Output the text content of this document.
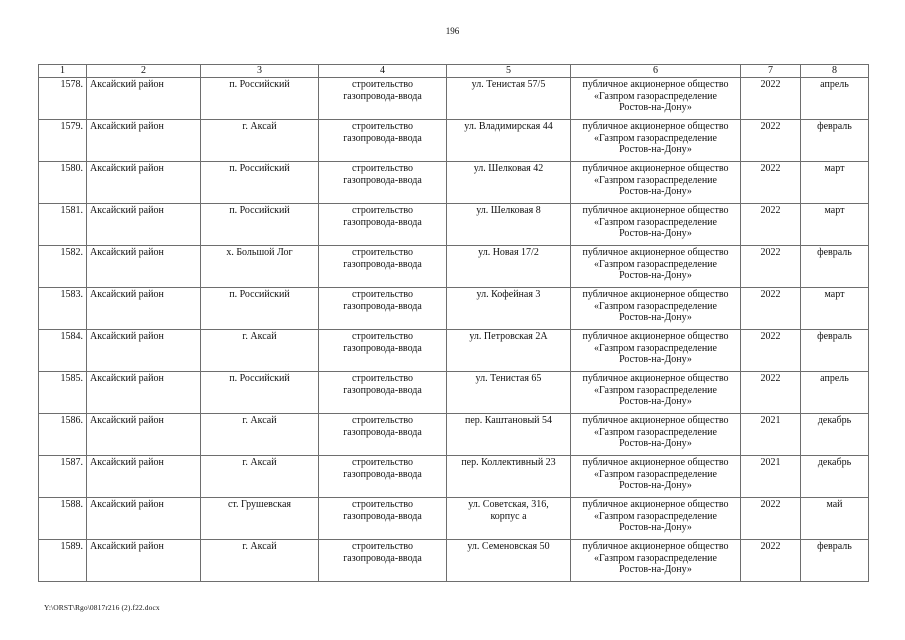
196
1	2	3	4	5	6	7	8
1578.	Аксайский район	п. Российский	строительство
газопровода-ввода	ул. Тенистая 57/5	публичное акционерное общество
«Газпром газораспределение
Ростов-на-Дону»	2022	апрель
1579.	Аксайский район	г. Аксай	строительство
газопровода-ввода	ул. Владимирская 44	публичное акционерное общество
«Газпром газораспределение
Ростов-на-Дону»	2022	февраль
1580.	Аксайский район	п. Российский	строительство
газопровода-ввода	ул. Шелковая 42	публичное акционерное общество
«Газпром газораспределение
Ростов-на-Дону»	2022	март
1581.	Аксайский район	п. Российский	строительство
газопровода-ввода	ул. Шелковая 8	публичное акционерное общество
«Газпром газораспределение
Ростов-на-Дону»	2022	март
1582.	Аксайский район	х. Большой Лог	строительство
газопровода-ввода	ул. Новая 17/2	публичное акционерное общество
«Газпром газораспределение
Ростов-на-Дону»	2022	февраль
1583.	Аксайский район	п. Российский	строительство
газопровода-ввода	ул. Кофейная 3	публичное акционерное общество
«Газпром газораспределение
Ростов-на-Дону»	2022	март
1584.	Аксайский район	г. Аксай	строительство
газопровода-ввода	ул. Петровская 2А	публичное акционерное общество
«Газпром газораспределение
Ростов-на-Дону»	2022	февраль
1585.	Аксайский район	п. Российский	строительство
газопровода-ввода	ул. Тенистая 65	публичное акционерное общество
«Газпром газораспределение
Ростов-на-Дону»	2022	апрель
1586.	Аксайский район	г. Аксай	строительство
газопровода-ввода	пер. Каштановый 54	публичное акционерное общество
«Газпром газораспределение
Ростов-на-Дону»	2021	декабрь
1587.	Аксайский район	г. Аксай	строительство
газопровода-ввода	пер. Коллективный 23	публичное акционерное общество
«Газпром газораспределение
Ростов-на-Дону»	2021	декабрь
1588.	Аксайский район	ст. Грушевская	строительство
газопровода-ввода	ул. Советская, 316,
корпус а	публичное акционерное общество
«Газпром газораспределение
Ростов-на-Дону»	2022	май
1589.	Аксайский район	г. Аксай	строительство
газопровода-ввода	ул. Семеновская 50	публичное акционерное общество
«Газпром газораспределение
Ростов-на-Дону»	2022	февраль
Y:\ORST\Rgo\0817r216 (2).f22.docx
